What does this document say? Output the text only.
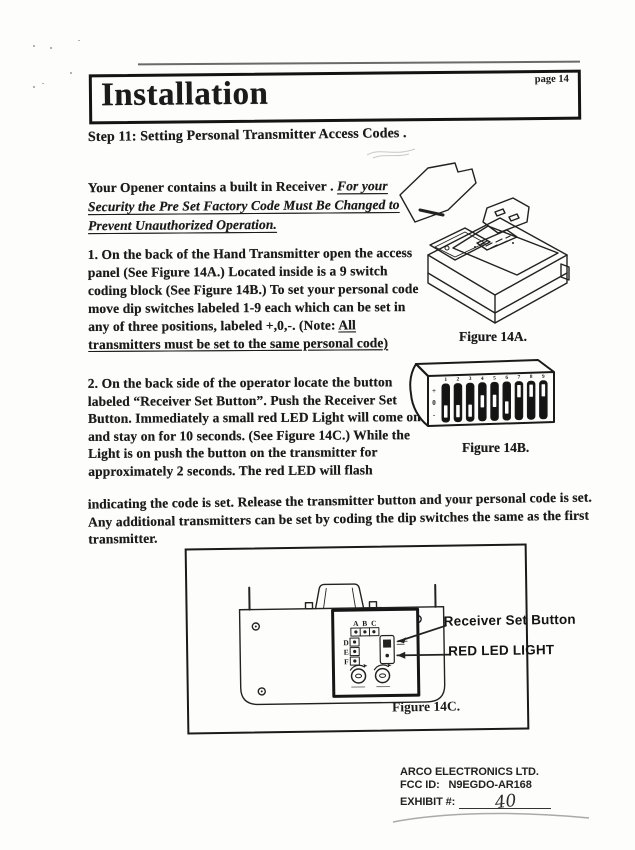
Installation	page 14
Step 11: Setting Personal Transmitter Access Codes .
Your Opener contains a built in Receiver . For your Security the Pre Set Factory Code Must Be Changed to Prevent Unauthorized Operation.
1. On the back of the Hand Transmitter open the access panel (See Figure 14A.) Located inside is a 9 switch coding block (See Figure 14B.) To set your personal code move dip switches labeled 1-9 each which can be set in any of three positions, labeled +,0,-. (Note: All transmitters must be set to the same personal code)
2. On the back side of the operator locate the button labeled “Receiver Set Button”. Push the Receiver Set Button. Immediately a small red LED Light will come on and stay on for 10 seconds. (See Figure 14C.) While the Light is on push the button on the transmitter for approximately 2 seconds. The red LED will flash
indicating the code is set. Release the transmitter button and your personal code is set. Any additional transmitters can be set by coding the dip switches the same as the first transmitter.
Figure 14A.
+
0
-
1 2 3 4 5 6 7 8 9
Figure 14B.
A B C
D
E
F
Receiver Set Button
RED LED LIGHT
Figure 14C.
ARCO ELECTRONICS LTD.
FCC ID: N9EGDO-AR168
EXHIBIT #:	40
